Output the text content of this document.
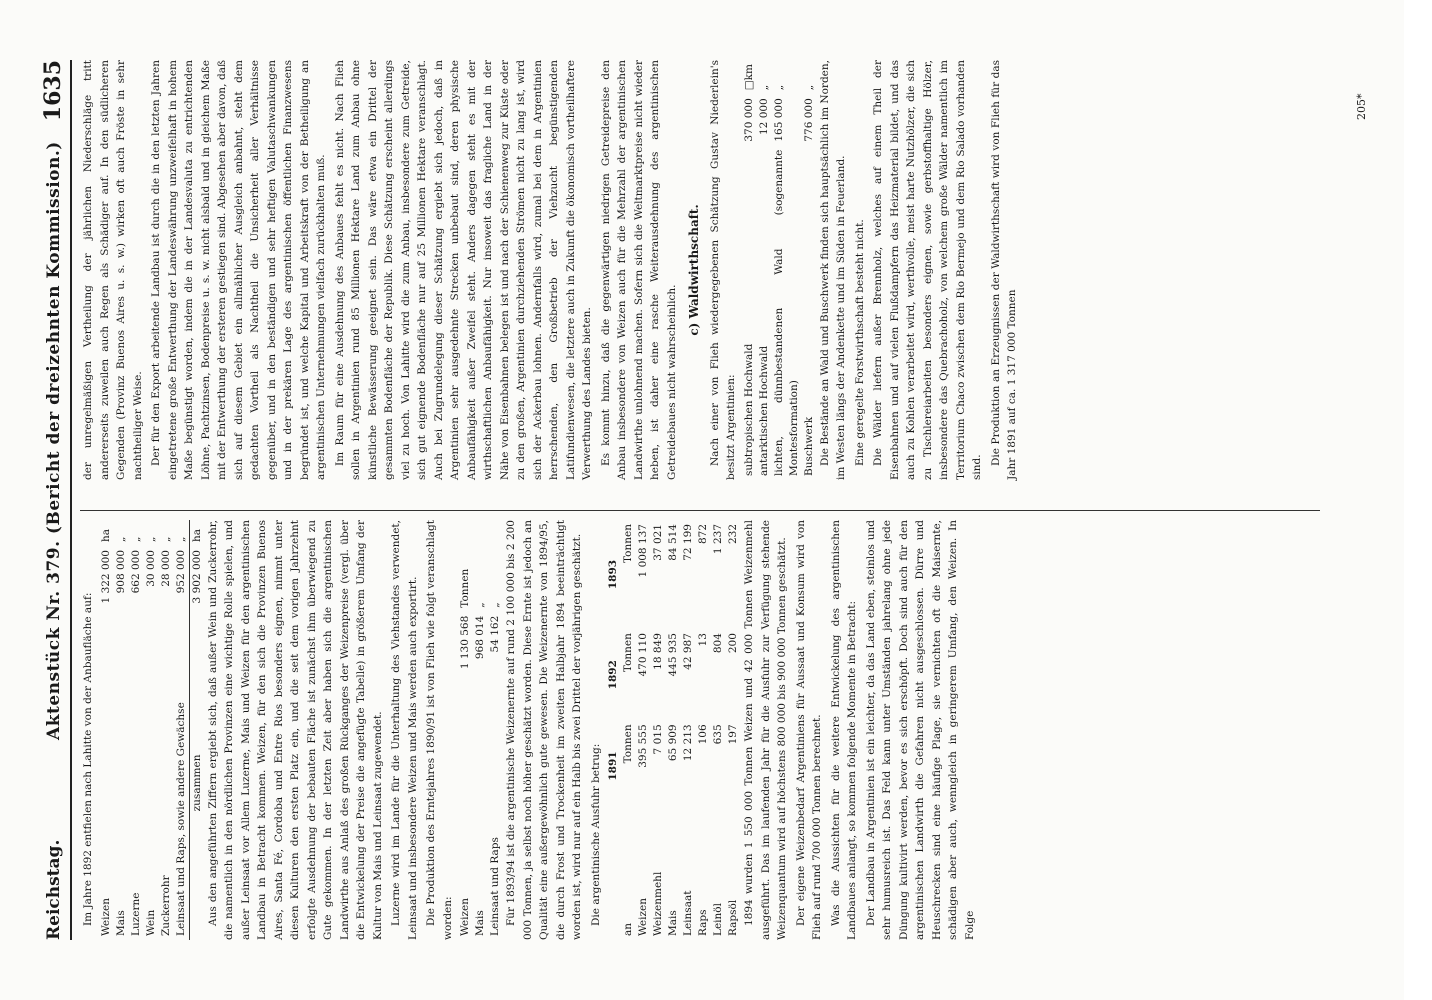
Reichstag.
Aktenstück Nr. 379. (Bericht der dreizehnten Kommission.)
1635

Im Jahre 1892 entfielen nach Lahitte von der Anbaufläche auf: Weizen	1 322 000	ha
Mais	908 000	„
Luzerne	662 000	„
Wein	30 000	„
Zuckerrohr	28 000	„
Leinsaat und Raps, sowie andere Gewächse	952 000	„
zusammen	3 902 000	ha Aus den angeführten Ziffern ergiebt sich, daß außer Wein und Zuckerrohr, die namentlich in den nördlichen Provinzen eine wichtige Rolle spielen, und außer Leinsaat vor Allem Luzerne, Mais und Weizen für den argentinischen Landbau in Betracht kommen. Weizen, für den sich die Provinzen Buenos Aires, Santa Fé, Cordoba und Entre Rios besonders eignen, nimmt unter diesen Kulturen den ersten Platz ein, und die seit dem vorigen Jahrzehnt erfolgte Ausdehnung der bebauten Fläche ist zunächst ihm überwiegend zu Gute gekommen. In der letzten Zeit aber haben sich die argentinischen Landwirthe aus Anlaß des großen Rückganges der Weizenpreise (vergl. über die Entwickelung der Preise die angefügte Tabelle) in größerem Umfang der Kultur von Mais und Leinsaat zugewendet. Luzerne wird im Lande für die Unterhaltung des Viehstandes verwendet, Leinsaat und insbesondere Weizen und Mais werden auch exportirt. Die Produktion des Erntejahres 1890/91 ist von Flieh wie folgt veranschlagt worden: Weizen	1 130 568	Tonnen
Mais	968 014	„
Leinsaat und Raps	54 162	„ Für 1893/94 ist die argentinische Weizenernte auf rund 2 100 000 bis 2 200 000 Tonnen, ja selbst noch höher geschätzt worden. Diese Ernte ist jedoch an Qualität eine außergewöhnlich gute gewesen. Die Weizenernte von 1894/95, die durch Frost und Trockenheit im zweiten Halbjahr 1894 beeinträchtigt worden ist, wird nur auf ein Halb bis zwei Drittel der vorjährigen geschätzt. Die argentinische Ausfuhr betrug:

	1891	1892	1893
an	Tonnen	Tonnen	Tonnen
Weizen	395 555	470 110	1 008 137
Weizenmehl	7 015	18 849	37 021
Mais	65 909	445 935	84 514
Leinsaat	12 213	42 987	72 199
Raps	106	13	872
Leinöl	635	804	1 237
Rapsöl	197	200	232 1894 wurden 1 550 000 Tonnen Weizen und 42 000 Tonnen Weizenmehl ausgeführt. Das im laufenden Jahr für die Ausfuhr zur Verfügung stehende Weizenquantum wird auf höchstens 800 000 bis 900 000 Tonnen geschätzt. Der eigene Weizenbedarf Argentiniens für Aussaat und Konsum wird von Flieh auf rund 700 000 Tonnen berechnet. Was die Aussichten für die weitere Entwickelung des argentinischen Landbaues anlangt, so kommen folgende Momente in Betracht: Der Landbau in Argentinien ist ein leichter, da das Land eben, steinlos und sehr humusreich ist. Das Feld kann unter Umständen jahrelang ohne jede Düngung kultivirt werden, bevor es sich erschöpft. Doch sind auch für den argentinischen Landwirth die Gefahren nicht ausgeschlossen. Dürre und Heuschrecken sind eine häufige Plage, sie vernichten oft die Maisernte, schädigen aber auch, wenngleich in geringerem Umfang, den Weizen. In Folge

der unregelmäßigen Vertheilung der jährlichen Niederschläge tritt andererseits zuweilen auch Regen als Schädiger auf. In den südlicheren Gegenden (Provinz Buenos Aires u. s. w.) wirken oft auch Fröste in sehr nachtheiliger Weise. Der für den Export arbeitende Landbau ist durch die in den letzten Jahren eingetretene große Entwerthung der Landeswährung unzweifelhaft in hohem Maße begünstigt worden, indem die in der Landesvaluta zu entrichtenden Löhne, Pachtzinsen, Bodenpreise u. s. w. nicht alsbald und in gleichem Maße mit der Entwerthung der ersteren gestiegen sind. Abgesehen aber davon, daß sich auf diesem Gebiet ein allmählicher Ausgleich anbahnt, steht dem gedachten Vortheil als Nachtheil die Unsicherheit aller Verhältnisse gegenüber, und in den beständigen und sehr heftigen Valutaschwankungen und in der prekären Lage des argentinischen öffentlichen Finanzwesens begründet ist, und welche Kapital und Arbeitskraft von der Betheiligung an argentinischen Unternehmungen vielfach zurückhalten muß. Im Raum für eine Ausdehnung des Anbaues fehlt es nicht. Nach Flieh sollen in Argentinien rund 85 Millionen Hektare Land zum Anbau ohne künstliche Bewässerung geeignet sein. Das wäre etwa ein Drittel der gesammten Bodenfläche der Republik. Diese Schätzung erscheint allerdings viel zu hoch. Von Lahitte wird die zum Anbau, insbesondere zum Getreide, sich gut eignende Bodenfläche nur auf 25 Millionen Hektare veranschlagt. Auch bei Zugrundelegung dieser Schätzung ergiebt sich jedoch, daß in Argentinien sehr ausgedehnte Strecken unbebaut sind, deren physische Anbaufähigkeit außer Zweifel steht. Anders dagegen steht es mit der wirthschaftlichen Anbaufähigkeit. Nur insoweit das fragliche Land in der Nähe von Eisenbahnen belegen ist und nach der Schienenweg zur Küste oder zu den großen, Argentinien durchziehenden Strömen nicht zu lang ist, wird sich der Ackerbau lohnen. Andernfalls wird, zumal bei dem in Argentinien herrschenden, den Großbetrieb der Viehzucht begünstigenden Latifundienwesen, die letztere auch in Zukunft die ökonomisch vortheilhaftere Verwerthung des Landes bieten. Es kommt hinzu, daß die gegenwärtigen niedrigen Getreidepreise den Anbau insbesondere von Weizen auch für die Mehrzahl der argentinischen Landwirthe unlohnend machen. Sofern sich die Weltmarktpreise nicht wieder heben, ist daher eine rasche Weiterausdehnung des argentinischen Getreidebaues nicht wahrscheinlich.

c) Waldwirthschaft. Nach einer von Flieh wiedergegebenen Schätzung Gustav Niederlein's besitzt Argentinien: subtropischen Hochwald	370 000	□km
antarktischen Hochwald	12 000	„
lichten, dünnbestandenen Wald (sogenannte Montesformation)	165 000	„
Buschwerk	776 000	„ Die Bestände an Wald und Buschwerk finden sich hauptsächlich im Norden, im Westen längs der Andenkette und im Süden in Feuerland. Eine geregelte Forstwirthschaft besteht nicht. Die Wälder liefern außer Brennholz, welches auf einem Theil der Eisenbahnen und auf vielen Flußdampfern das Heizmaterial bildet, und das auch zu Kohlen verarbeitet wird, werthvolle, meist harte Nutzhölzer, die sich zu Tischlereiarbeiten besonders eignen, sowie gerbstoffhaltige Hölzer, insbesondere das Quebrachoholz, von welchem große Wälder namentlich im Territorium Chaco zwischen dem Rio Bermejo und dem Rio Salado vorhanden sind.

Die Produktion an Erzeugnissen der Waldwirthschaft wird von Flieh für das Jahr 1891 auf ca. 1 317 000 Tonnen

205*
